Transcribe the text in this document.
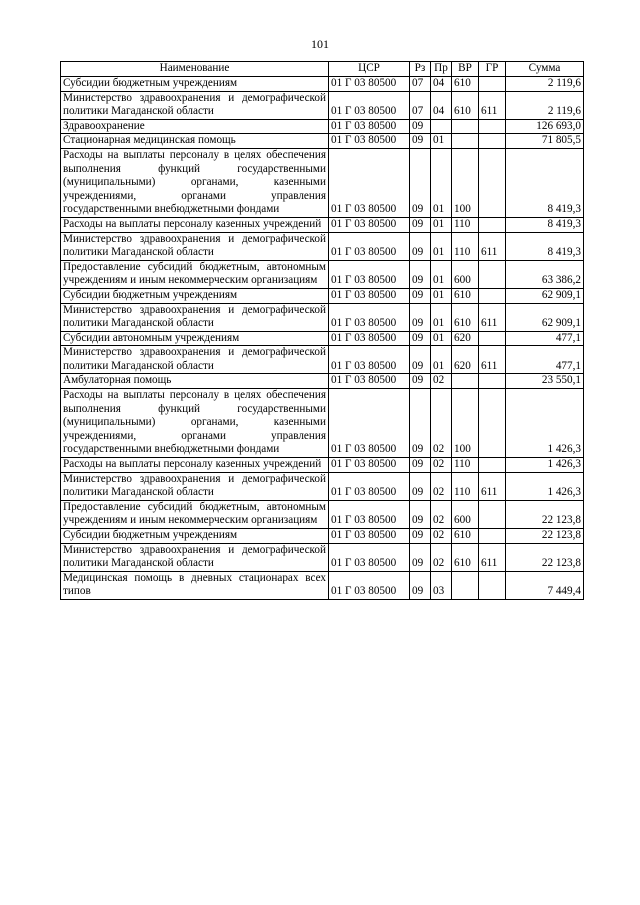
101
Наименование	ЦСР	Рз	Пр	ВР	ГР	Сумма
Субсидии бюджетным учреждениям	01 Г 03 80500	07	04	610		2 119,6
Министерство здравоохранения и демографической политики Магаданской области	01 Г 03 80500	07	04	610	611	2 119,6
Здравоохранение	01 Г 03 80500	09				126 693,0
Стационарная медицинская помощь	01 Г 03 80500	09	01			71 805,5
Расходы на выплаты персоналу в целях обеспечения выполнения функций государственными (муниципальными) органами, казенными учреждениями, органами управления государственными внебюджетными фондами	01 Г 03 80500	09	01	100		8 419,3
Расходы на выплаты персоналу казенных учреждений	01 Г 03 80500	09	01	110		8 419,3
Министерство здравоохранения и демографической политики Магаданской области	01 Г 03 80500	09	01	110	611	8 419,3
Предоставление субсидий бюджетным, автономным учреждениям и иным некоммерческим организациям	01 Г 03 80500	09	01	600		63 386,2
Субсидии бюджетным учреждениям	01 Г 03 80500	09	01	610		62 909,1
Министерство здравоохранения и демографической политики Магаданской области	01 Г 03 80500	09	01	610	611	62 909,1
Субсидии автономным учреждениям	01 Г 03 80500	09	01	620		477,1
Министерство здравоохранения и демографической политики Магаданской области	01 Г 03 80500	09	01	620	611	477,1
Амбулаторная помощь	01 Г 03 80500	09	02			23 550,1
Расходы на выплаты персоналу в целях обеспечения выполнения функций государственными (муниципальными) органами, казенными учреждениями, органами управления государственными внебюджетными фондами	01 Г 03 80500	09	02	100		1 426,3
Расходы на выплаты персоналу казенных учреждений	01 Г 03 80500	09	02	110		1 426,3
Министерство здравоохранения и демографической политики Магаданской области	01 Г 03 80500	09	02	110	611	1 426,3
Предоставление субсидий бюджетным, автономным учреждениям и иным некоммерческим организациям	01 Г 03 80500	09	02	600		22 123,8
Субсидии бюджетным учреждениям	01 Г 03 80500	09	02	610		22 123,8
Министерство здравоохранения и демографической политики Магаданской области	01 Г 03 80500	09	02	610	611	22 123,8
Медицинская помощь в дневных стационарах всех типов	01 Г 03 80500	09	03			7 449,4
